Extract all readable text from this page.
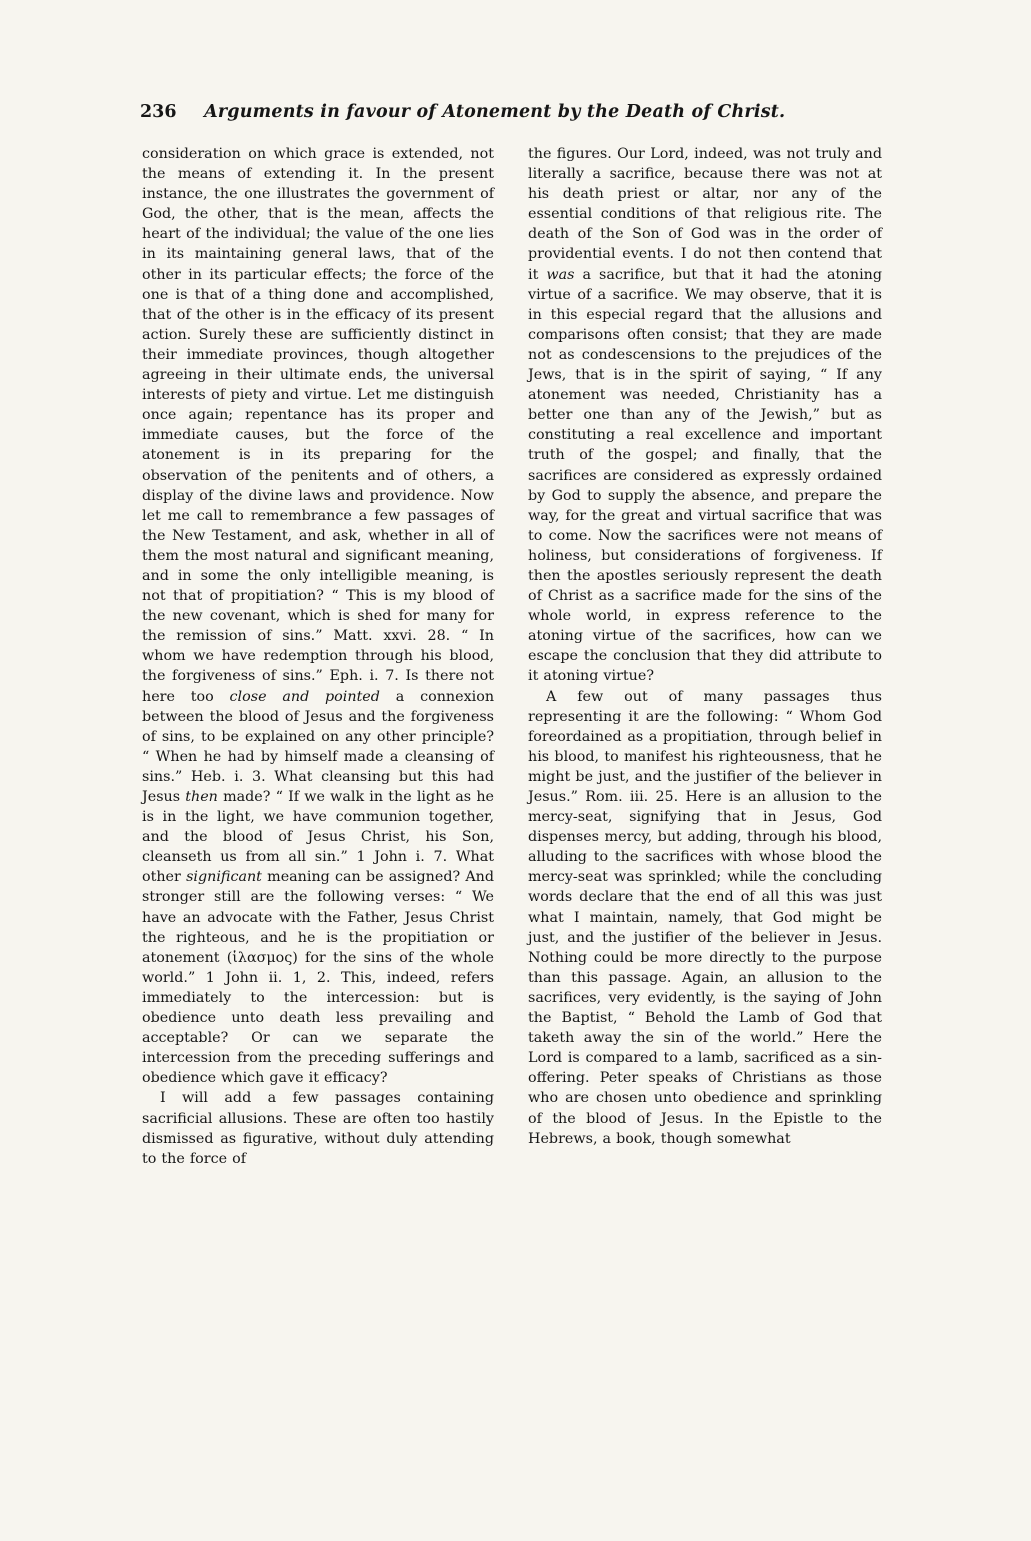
236 Arguments in favour of Atonement by the Death of Christ.

consideration on which grace is extended, not the means of extending it. In the present instance, the one illustrates the government of God, the other, that is the mean, affects the heart of the individual; the value of the one lies in its maintaining general laws, that of the other in its particular effects; the force of the one is that of a thing done and accomplished, that of the other is in the efficacy of its present action. Surely these are sufficiently distinct in their immediate provinces, though altogether agreeing in their ultimate ends, the universal interests of piety and virtue. Let me distinguish once again; repentance has its proper and immediate causes, but the force of the atonement is in its preparing for the observation of the penitents and of others, a display of the divine laws and providence. Now let me call to remembrance a few passages of the New Testament, and ask, whether in all of them the most natural and significant meaning, and in some the only intelligible meaning, is not that of propitiation? “ This is my blood of the new covenant, which is shed for many for the remission of sins.” Matt. xxvi. 28. “ In whom we have redemption through his blood, the forgiveness of sins.” Eph. i. 7. Is there not here too close and pointed a connexion between the blood of Jesus and the forgiveness of sins, to be explained on any other principle? “ When he had by himself made a cleansing of sins.” Heb. i. 3. What cleansing but this had Jesus then made? “ If we walk in the light as he is in the light, we have communion together, and the blood of Jesus Christ, his Son, cleanseth us from all sin.” 1 John i. 7. What other significant meaning can be assigned? And stronger still are the following verses: “ We have an advocate with the Father, Jesus Christ the righteous, and he is the propitiation or atonement (ἱλασμος) for the sins of the whole world.” 1 John ii. 1, 2. This, indeed, refers immediately to the intercession: but is obedience unto death less prevailing and acceptable? Or can we separate the intercession from the preceding sufferings and obedience which gave it efficacy?

I will add a few passages containing sacrificial allusions. These are often too hastily dismissed as figurative, without duly attending to the force of

the figures. Our Lord, indeed, was not truly and literally a sacrifice, because there was not at his death priest or altar, nor any of the essential conditions of that religious rite. The death of the Son of God was in the order of providential events. I do not then contend that it was a sacrifice, but that it had the atoning virtue of a sacrifice. We may observe, that it is in this especial regard that the allusions and comparisons often consist; that they are made not as condescensions to the prejudices of the Jews, that is in the spirit of saying, “ If any atonement was needed, Christianity has a better one than any of the Jewish,” but as constituting a real excellence and important truth of the gospel; and finally, that the sacrifices are considered as expressly ordained by God to supply the absence, and prepare the way, for the great and virtual sacrifice that was to come. Now the sacrifices were not means of holiness, but considerations of forgiveness. If then the apostles seriously represent the death of Christ as a sacrifice made for the sins of the whole world, in express reference to the atoning virtue of the sacrifices, how can we escape the conclusion that they did attribute to it atoning virtue?

A few out of many passages thus representing it are the following: “ Whom God foreordained as a propitiation, through belief in his blood, to manifest his righteousness, that he might be just, and the justifier of the believer in Jesus.” Rom. iii. 25. Here is an allusion to the mercy-seat, signifying that in Jesus, God dispenses mercy, but adding, through his blood, alluding to the sacrifices with whose blood the mercy-seat was sprinkled; while the concluding words declare that the end of all this was just what I maintain, namely, that God might be just, and the justifier of the believer in Jesus. Nothing could be more directly to the purpose than this passage. Again, an allusion to the sacrifices, very evidently, is the saying of John the Baptist, “ Behold the Lamb of God that taketh away the sin of the world.” Here the Lord is compared to a lamb, sacrificed as a sin-offering. Peter speaks of Christians as those who are chosen unto obedience and sprinkling of the blood of Jesus. In the Epistle to the Hebrews, a book, though somewhat
